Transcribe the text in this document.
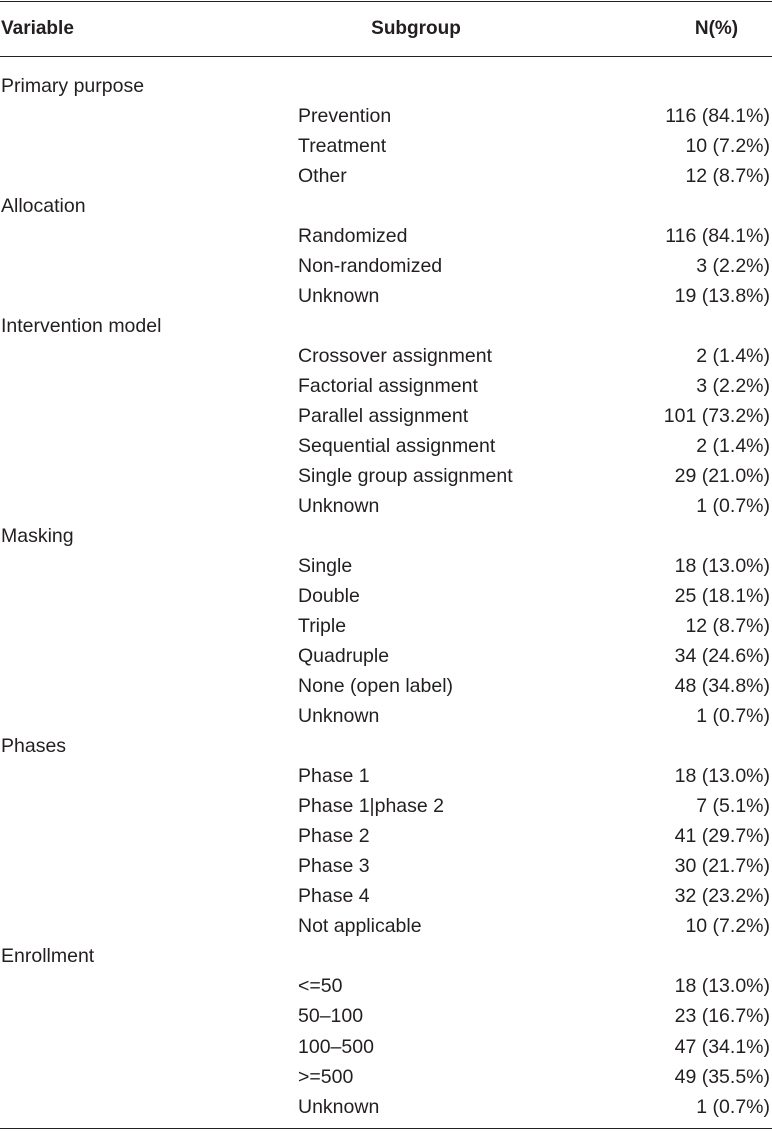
Variable	Subgroup	N(%)
Primary purpose
Prevention	116 (84.1%)
Treatment	10 (7.2%)
Other	12 (8.7%)
Allocation
Randomized	116 (84.1%)
Non-randomized	3 (2.2%)
Unknown	19 (13.8%)
Intervention model
Crossover assignment	2 (1.4%)
Factorial assignment	3 (2.2%)
Parallel assignment	101 (73.2%)
Sequential assignment	2 (1.4%)
Single group assignment	29 (21.0%)
Unknown	1 (0.7%)
Masking
Single	18 (13.0%)
Double	25 (18.1%)
Triple	12 (8.7%)
Quadruple	34 (24.6%)
None (open label)	48 (34.8%)
Unknown	1 (0.7%)
Phases
Phase 1	18 (13.0%)
Phase 1|phase 2	7 (5.1%)
Phase 2	41 (29.7%)
Phase 3	30 (21.7%)
Phase 4	32 (23.2%)
Not applicable	10 (7.2%)
Enrollment
<=50	18 (13.0%)
50–100	23 (16.7%)
100–500	47 (34.1%)
>=500	49 (35.5%)
Unknown	1 (0.7%)
